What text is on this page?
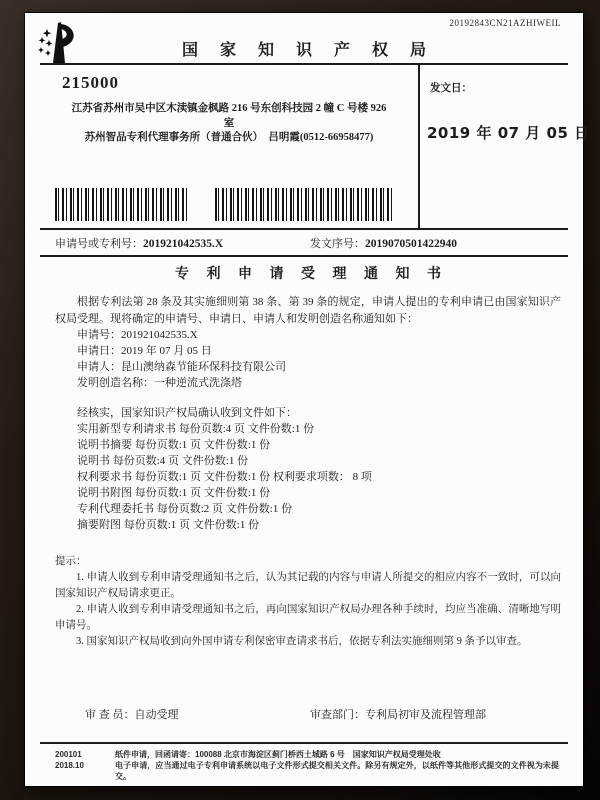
20192843CN21AZHIWEIL
国 家 知 识 产 权 局
215000
江苏省苏州市吴中区木渎镇金枫路 216 号东创科技园 2 幢 C 号楼 926
室
苏州智品专利代理事务所（普通合伙）　吕明霞(0512-66958477)
发文日：
2019 年 07 月 05 日
申请号或专利号：201921042535.X	发文序号：2019070501422940
专 利 申 请 受 理 通 知 书

根据专利法第 28 条及其实施细则第 38 条、第 39 条的规定，申请人提出的专利申请已由国家知识产权局受理。现将确定的申请号、申请日、申请人和发明创造名称通知如下：

申请号：201921042535.X
申请日：2019 年 07 月 05 日
申请人：昆山澳纳森节能环保科技有限公司
发明创造名称：一种逆流式洗涤塔
经核实，国家知识产权局确认收到文件如下：
实用新型专利请求书 每份页数:4 页 文件份数:1 份
说明书摘要 每份页数:1 页 文件份数:1 份
说明书 每份页数:4 页 文件份数:1 份
权利要求书 每份页数:1 页 文件份数:1 份 权利要求项数： 8 项
说明书附图 每份页数:1 页 文件份数:1 份
专利代理委托书 每份页数:2 页 文件份数:1 份
摘要附图 每份页数:1 页 文件份数:1 份
提示：

1. 申请人收到专利申请受理通知书之后，认为其记载的内容与申请人所提交的相应内容不一致时，可以向国家知识产权局请求更正。

2. 申请人收到专利申请受理通知书之后，再向国家知识产权局办理各种手续时，均应当准确、清晰地写明申请号。

3. 国家知识产权局收到向外国申请专利保密审查请求书后，依据专利法实施细则第 9 条予以审查。

审 查 员：自动受理	审查部门：专利局初审及流程管理部
200101
2018.10
纸件申请，回函请寄：100088 北京市海淀区蓟门桥西土城路 6 号　国家知识产权局受理处收
电子申请，应当通过电子专利申请系统以电子文件形式提交相关文件。除另有规定外，以纸件等其他形式提交的文件视为未提交。
